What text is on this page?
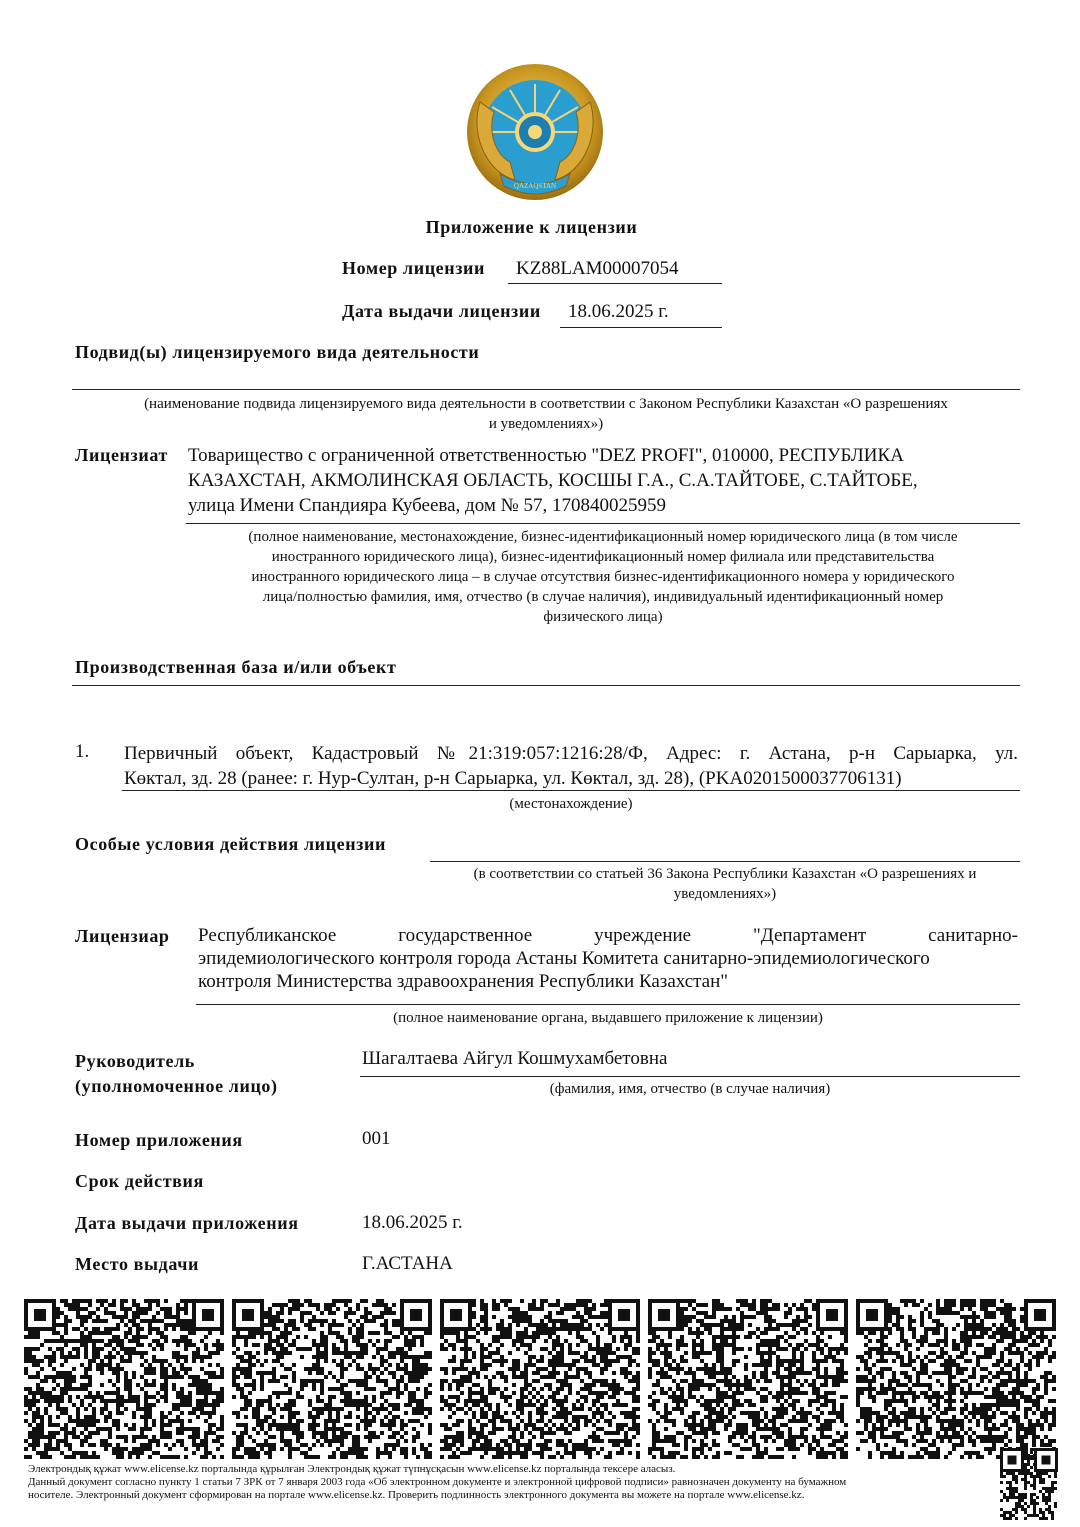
QAZAQSTAN
Приложение к лицензии
Номер лицензии KZ88LAM00007054
Дата выдачи лицензии 18.06.2025 г.
Подвид(ы) лицензируемого вида деятельности
(наименование подвида лицензируемого вида деятельности в соответствии с Законом Республики Казахстан «О разрешениях
и уведомлениях»)
Лицензиат Товарищество с ограниченной ответственностью "DEZ PROFI", 010000, РЕСПУБЛИКА
КАЗАХСТАН, АКМОЛИНСКАЯ ОБЛАСТЬ, КОСШЫ Г.А., С.А.ТАЙТОБЕ, С.ТАЙТОБЕ,
улица Имени Спандияра Кубеева, дом № 57, 170840025959
(полное наименование, местонахождение, бизнес-идентификационный номер юридического лица (в том числе
иностранного юридического лица), бизнес-идентификационный номер филиала или представительства
иностранного юридического лица – в случае отсутствия бизнес-идентификационного номера у юридического
лица/полностью фамилия, имя, отчество (в случае наличия), индивидуальный идентификационный номер
физического лица)
Производственная база и/или объект
1. Первичный объект, Кадастровый №21:319:057:1216:28/Ф, Адрес: г. Астана, р-н Сарыарка, ул.
Көктал, зд. 28 (ранее: г. Нур-Султан, р-н Сарыарка, ул. Көктал, зд. 28), (PKA0201500037706131)
(местонахождение)
Особые условия действия лицензии
(в соответствии со статьей 36 Закона Республики Казахстан «О разрешениях и
уведомлениях»)
Лицензиар Республиканское государственное учреждение "Департамент санитарно-
эпидемиологического контроля города Астаны Комитета санитарно-эпидемиологического
контроля Министерства здравоохранения Республики Казахстан"
(полное наименование органа, выдавшего приложение к лицензии)
Руководитель
(уполномоченное лицо)
Шагалтаева Айгул Кошмухамбетовна
(фамилия, имя, отчество (в случае наличия)
Номер приложения	001
Срок действия
Дата выдачи приложения	18.06.2025 г.
Место выдачи	Г.АСТАНА
Электрондық құжат www.elicense.kz порталында құрылған Электрондық құжат түпнұсқасын www.elicense.kz порталында тексере аласыз.
Данный документ согласно пункту 1 статьи 7 ЗРК от 7 января 2003 года «Об электронном документе и электронной цифровой подписи» равнозначен документу на бумажном
носителе. Электронный документ сформирован на портале www.elicense.kz. Проверить подлинность электронного документа вы можете на портале www.elicense.kz.
